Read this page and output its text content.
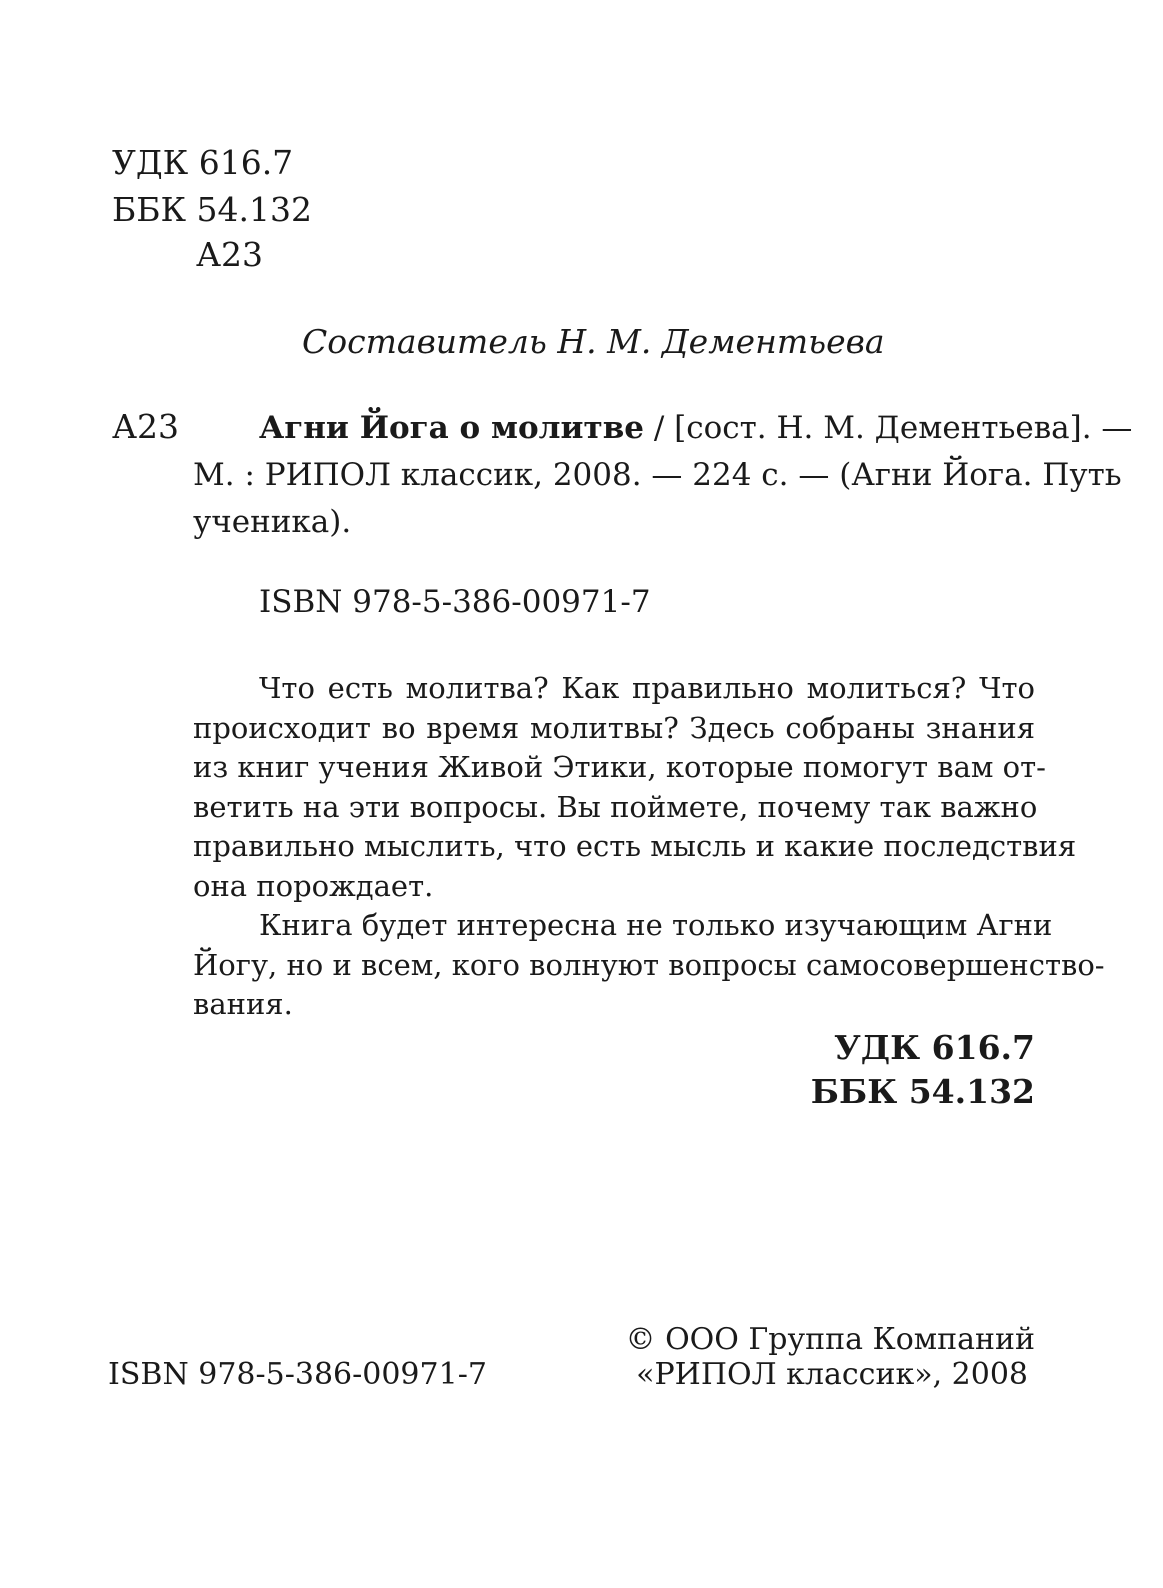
УДК 616.7
ББК 54.132
А23
Составитель Н. М. Дементьева
А23	Агни Йога о молитве / [сост. Н. М. Дементьева]. —
М. : РИПОЛ классик, 2008. — 224 с. — (Агни Йога. Путь
ученика).
ISBN 978-5-386-00971-7
Что есть молитва? Как правильно молиться? Что
происходит во время молитвы? Здесь собраны знания
из книг учения Живой Этики, которые помогут вам от-
ветить на эти вопросы. Вы поймете, почему так важно
правильно мыслить, что есть мысль и какие последствия
она порождает.
Книга будет интересна не только изучающим Агни
Йогу, но и всем, кого волнуют вопросы самосовершенство-
вания.
УДК 616.7
ББК 54.132
© ООО Группа Компаний
«РИПОЛ классик», 2008
ISBN 978-5-386-00971-7
